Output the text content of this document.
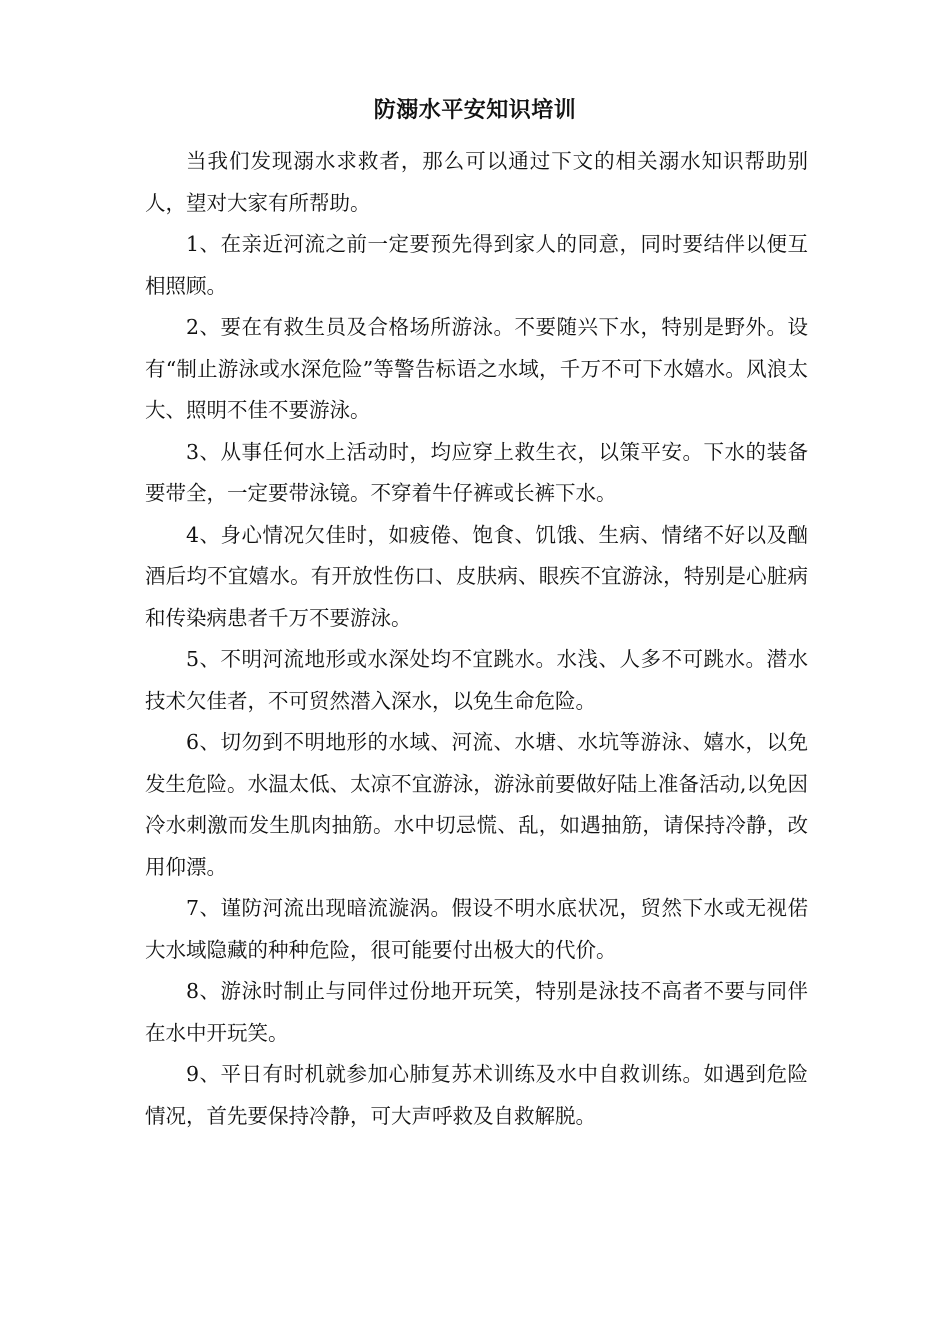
防溺水平安知识培训

当我们发现溺水求救者，那么可以通过下文的相关溺水知识帮助别人，望对大家有所帮助。

1、在亲近河流之前一定要预先得到家人的同意，同时要结伴以便互相照顾。

2、要在有救生员及合格场所游泳。不要随兴下水，特别是野外。设有“制止游泳或水深危险”等警告标语之水域，千万不可下水嬉水。风浪太大、照明不佳不要游泳。

3、从事任何水上活动时，均应穿上救生衣，以策平安。下水的装备要带全，一定要带泳镜。不穿着牛仔裤或长裤下水。

4、身心情况欠佳时，如疲倦、饱食、饥饿、生病、情绪不好以及酗酒后均不宜嬉水。有开放性伤口、皮肤病、眼疾不宜游泳，特别是心脏病和传染病患者千万不要游泳。

5、不明河流地形或水深处均不宜跳水。水浅、人多不可跳水。潜水技术欠佳者，不可贸然潜入深水，以免生命危险。

6、切勿到不明地形的水域、河流、水塘、水坑等游泳、嬉水，以免发生危险。水温太低、太凉不宜游泳，游泳前要做好陆上准备活动,以免因冷水刺激而发生肌肉抽筋。水中切忌慌、乱，如遇抽筋，请保持冷静，改用仰漂。

7、谨防河流出现暗流漩涡。假设不明水底状况，贸然下水或无视偌大水域隐藏的种种危险，很可能要付出极大的代价。

8、游泳时制止与同伴过份地开玩笑，特别是泳技不高者不要与同伴在水中开玩笑。

9、平日有时机就参加心肺复苏术训练及水中自救训练。如遇到危险情况，首先要保持冷静，可大声呼救及自救解脱。
